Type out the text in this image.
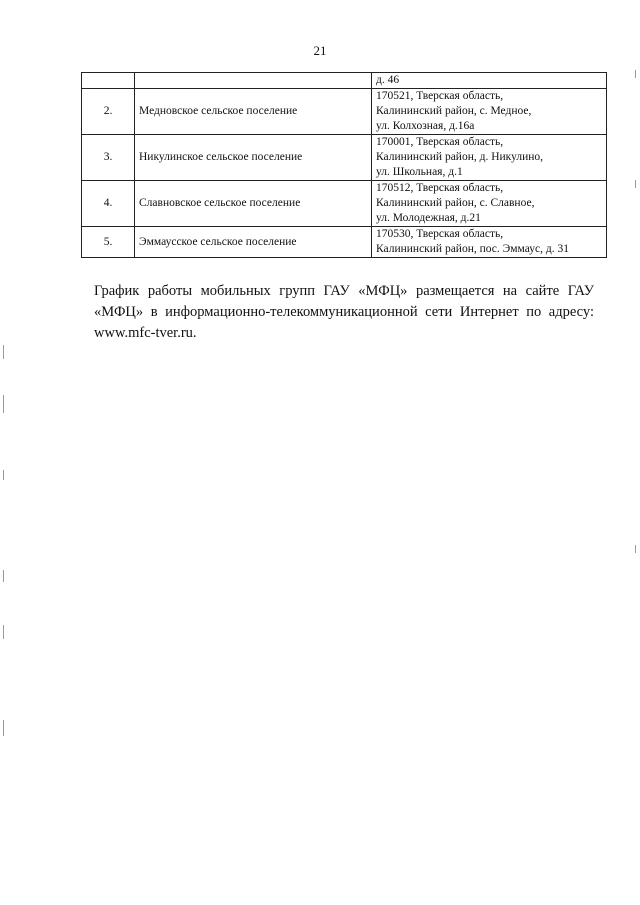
21

		д. 46

2.	Медновское сельское поселение	170521, Тверская область,
Калининский район, с. Медное,
ул. Колхозная, д.16а

3.	Никулинское сельское поселение	170001, Тверская область,
Калининский район, д. Никулино,
ул. Школьная, д.1

4.	Славновское сельское поселение	170512, Тверская область,
Калининский район, с. Славное,
ул. Молодежная, д.21

5.	Эммаусское сельское поселение	170530, Тверская область,
Калининский район, пос. Эммаус, д. 31

График работы мобильных групп ГАУ «МФЦ» размещается на сайте ГАУ «МФЦ» в информационно-телекоммуникационной сети Интернет по адресу: www.mfc-tver.ru.
